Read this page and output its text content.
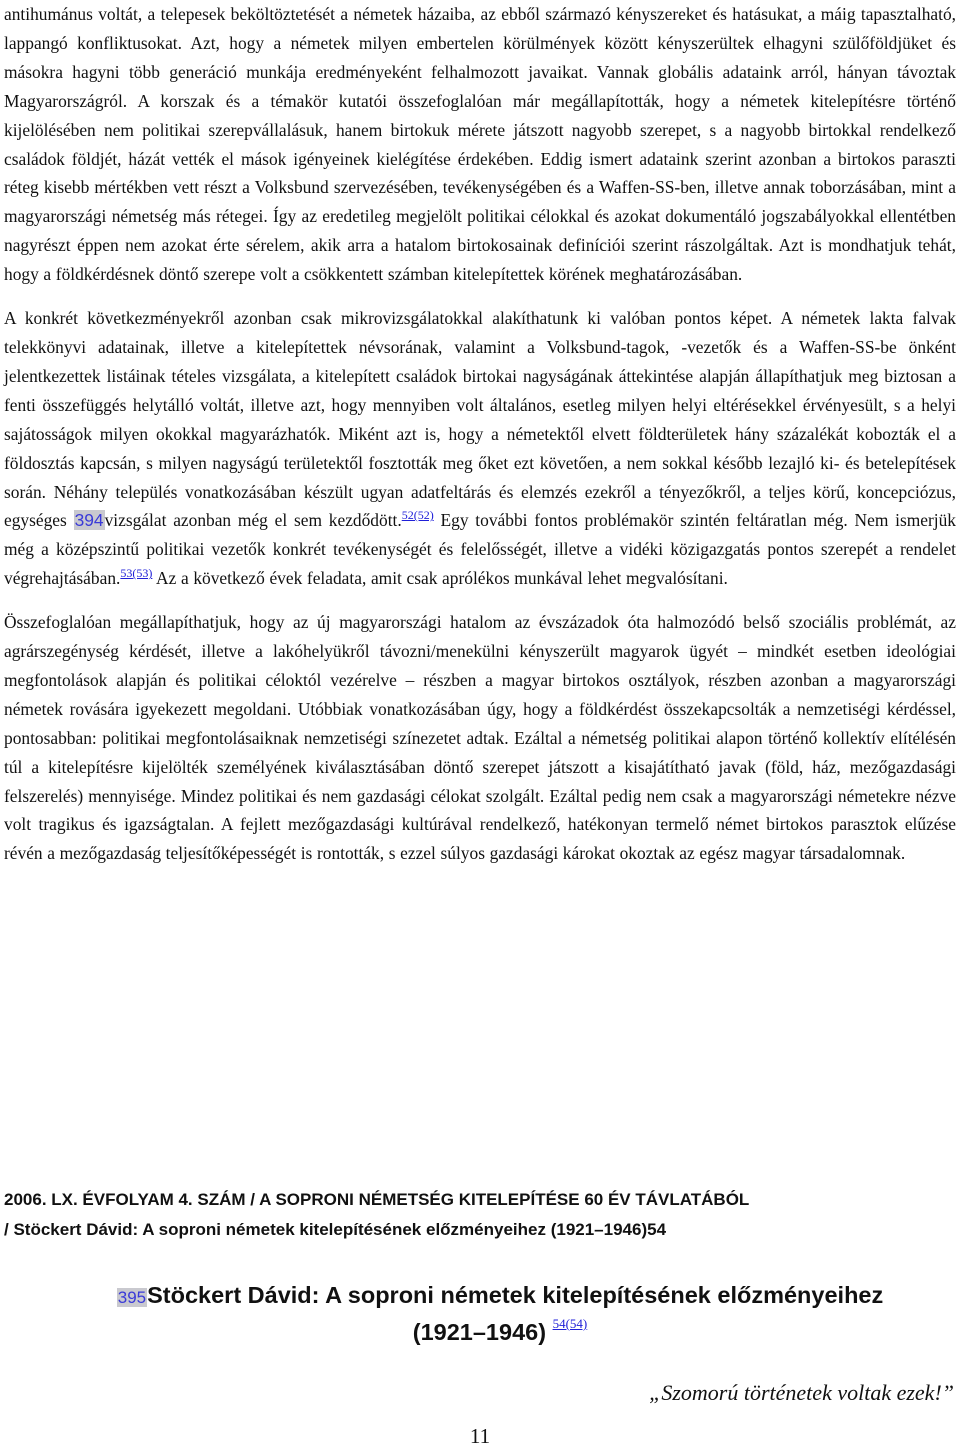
antihumánus voltát, a telepesek beköltöztetését a németek házaiba, az ebből származó kényszereket és hatásukat, a máig tapasztalható, lappangó konfliktusokat. Azt, hogy a németek milyen embertelen körülmények között kényszerültek elhagyni szülőföldjüket és másokra hagyni több generáció munkája eredményeként felhalmozott javaikat. Vannak globális adataink arról, hányan távoztak Magyarországról. A korszak és a témakör kutatói összefoglalóan már megállapították, hogy a németek kitelepítésre történő kijelölésében nem politikai szerepvállalásuk, hanem birtokuk mérete játszott nagyobb szerepet, s a nagyobb birtokkal rendelkező családok földjét, házát vették el mások igényeinek kielégítése érdekében. Eddig ismert adataink szerint azonban a birtokos paraszti réteg kisebb mértékben vett részt a Volksbund szervezésében, tevékenységében és a Waffen-SS-ben, illetve annak toborzásában, mint a magyarországi németség más rétegei. Így az eredetileg megjelölt politikai célokkal és azokat dokumentáló jogszabályokkal ellentétben nagyrészt éppen nem azokat érte sérelem, akik arra a hatalom birtokosainak definíciói szerint rászolgáltak. Azt is mondhatjuk tehát, hogy a földkérdésnek döntő szerepe volt a csökkentett számban kitelepítettek körének meghatározásában.

A konkrét következményekről azonban csak mikrovizsgálatokkal alakíthatunk ki valóban pontos képet. A németek lakta falvak telekkönyvi adatainak, illetve a kitelepítettek névsorának, valamint a Volksbund-tagok, -vezetők és a Waffen-SS-be önként jelentkezettek listáinak tételes vizsgálata, a kitelepített családok birtokai nagyságának áttekintése alapján állapíthatjuk meg biztosan a fenti összefüggés helytálló voltát, illetve azt, hogy mennyiben volt általános, esetleg milyen helyi eltérésekkel érvényesült, s a helyi sajátosságok milyen okokkal magyarázhatók. Miként azt is, hogy a németektől elvett földterületek hány százalékát kobozták el a földosztás kapcsán, s milyen nagyságú területektől fosztották meg őket ezt követően, a nem sokkal később lezajló ki- és betelepítések során. Néhány település vonatkozásában készült ugyan adatfeltárás és elemzés ezekről a tényezőkről, a teljes körű, koncepciózus, egységes 394vizsgálat azonban még el sem kezdődött.$^{52(52)}$ Egy további fontos problémakör szintén feltáratlan még. Nem ismerjük még a középszintű politikai vezetők konkrét tevékenységét és felelősségét, illetve a vidéki közigazgatás pontos szerepét a rendelet végrehajtásában.$^{53(53)}$ Az a következő évek feladata, amit csak aprólékos munkával lehet megvalósítani.

Összefoglalóan megállapíthatjuk, hogy az új magyarországi hatalom az évszázadok óta halmozódó belső szociális problémát, az agrárszegénység kérdését, illetve a lakóhelyükről távozni/menekülni kényszerült magyarok ügyét – mindkét esetben ideológiai megfontolások alapján és politikai céloktól vezérelve – részben a magyar birtokos osztályok, részben azonban a magyarországi németek rovására igyekezett megoldani. Utóbbiak vonatkozásában úgy, hogy a földkérdést összekapcsolták a nemzetiségi kérdéssel, pontosabban: politikai megfontolásaiknak nemzetiségi színezetet adtak. Ezáltal a németség politikai alapon történő kollektív elítélésén túl a kitelepítésre kijelölték személyének kiválasztásában döntő szerepet játszott a kisajátítható javak (föld, ház, mezőgazdasági felszerelés) mennyisége. Mindez politikai és nem gazdasági célokat szolgált. Ezáltal pedig nem csak a magyarországi németekre nézve volt tragikus és igazságtalan. A fejlett mezőgazdasági kultúrával rendelkező, hatékonyan termelő német birtokos parasztok elűzése révén a mezőgazdaság teljesítőképességét is rontották, s ezzel súlyos gazdasági károkat okoztak az egész magyar társadalomnak.

2006. LX. ÉVFOLYAM 4. SZÁM / A SOPRONI NÉMETSÉG KITELEPÍTÉSE 60 ÉV TÁVLATÁBÓL
/ Stöckert Dávid: A soproni németek kitelepítésének előzményeihez (1921–1946)54

395Stöckert Dávid: A soproni németek kitelepítésének előzményeihez
(1921–1946) $^{54(54)}$

„Szomorú történetek voltak ezek!”

11
